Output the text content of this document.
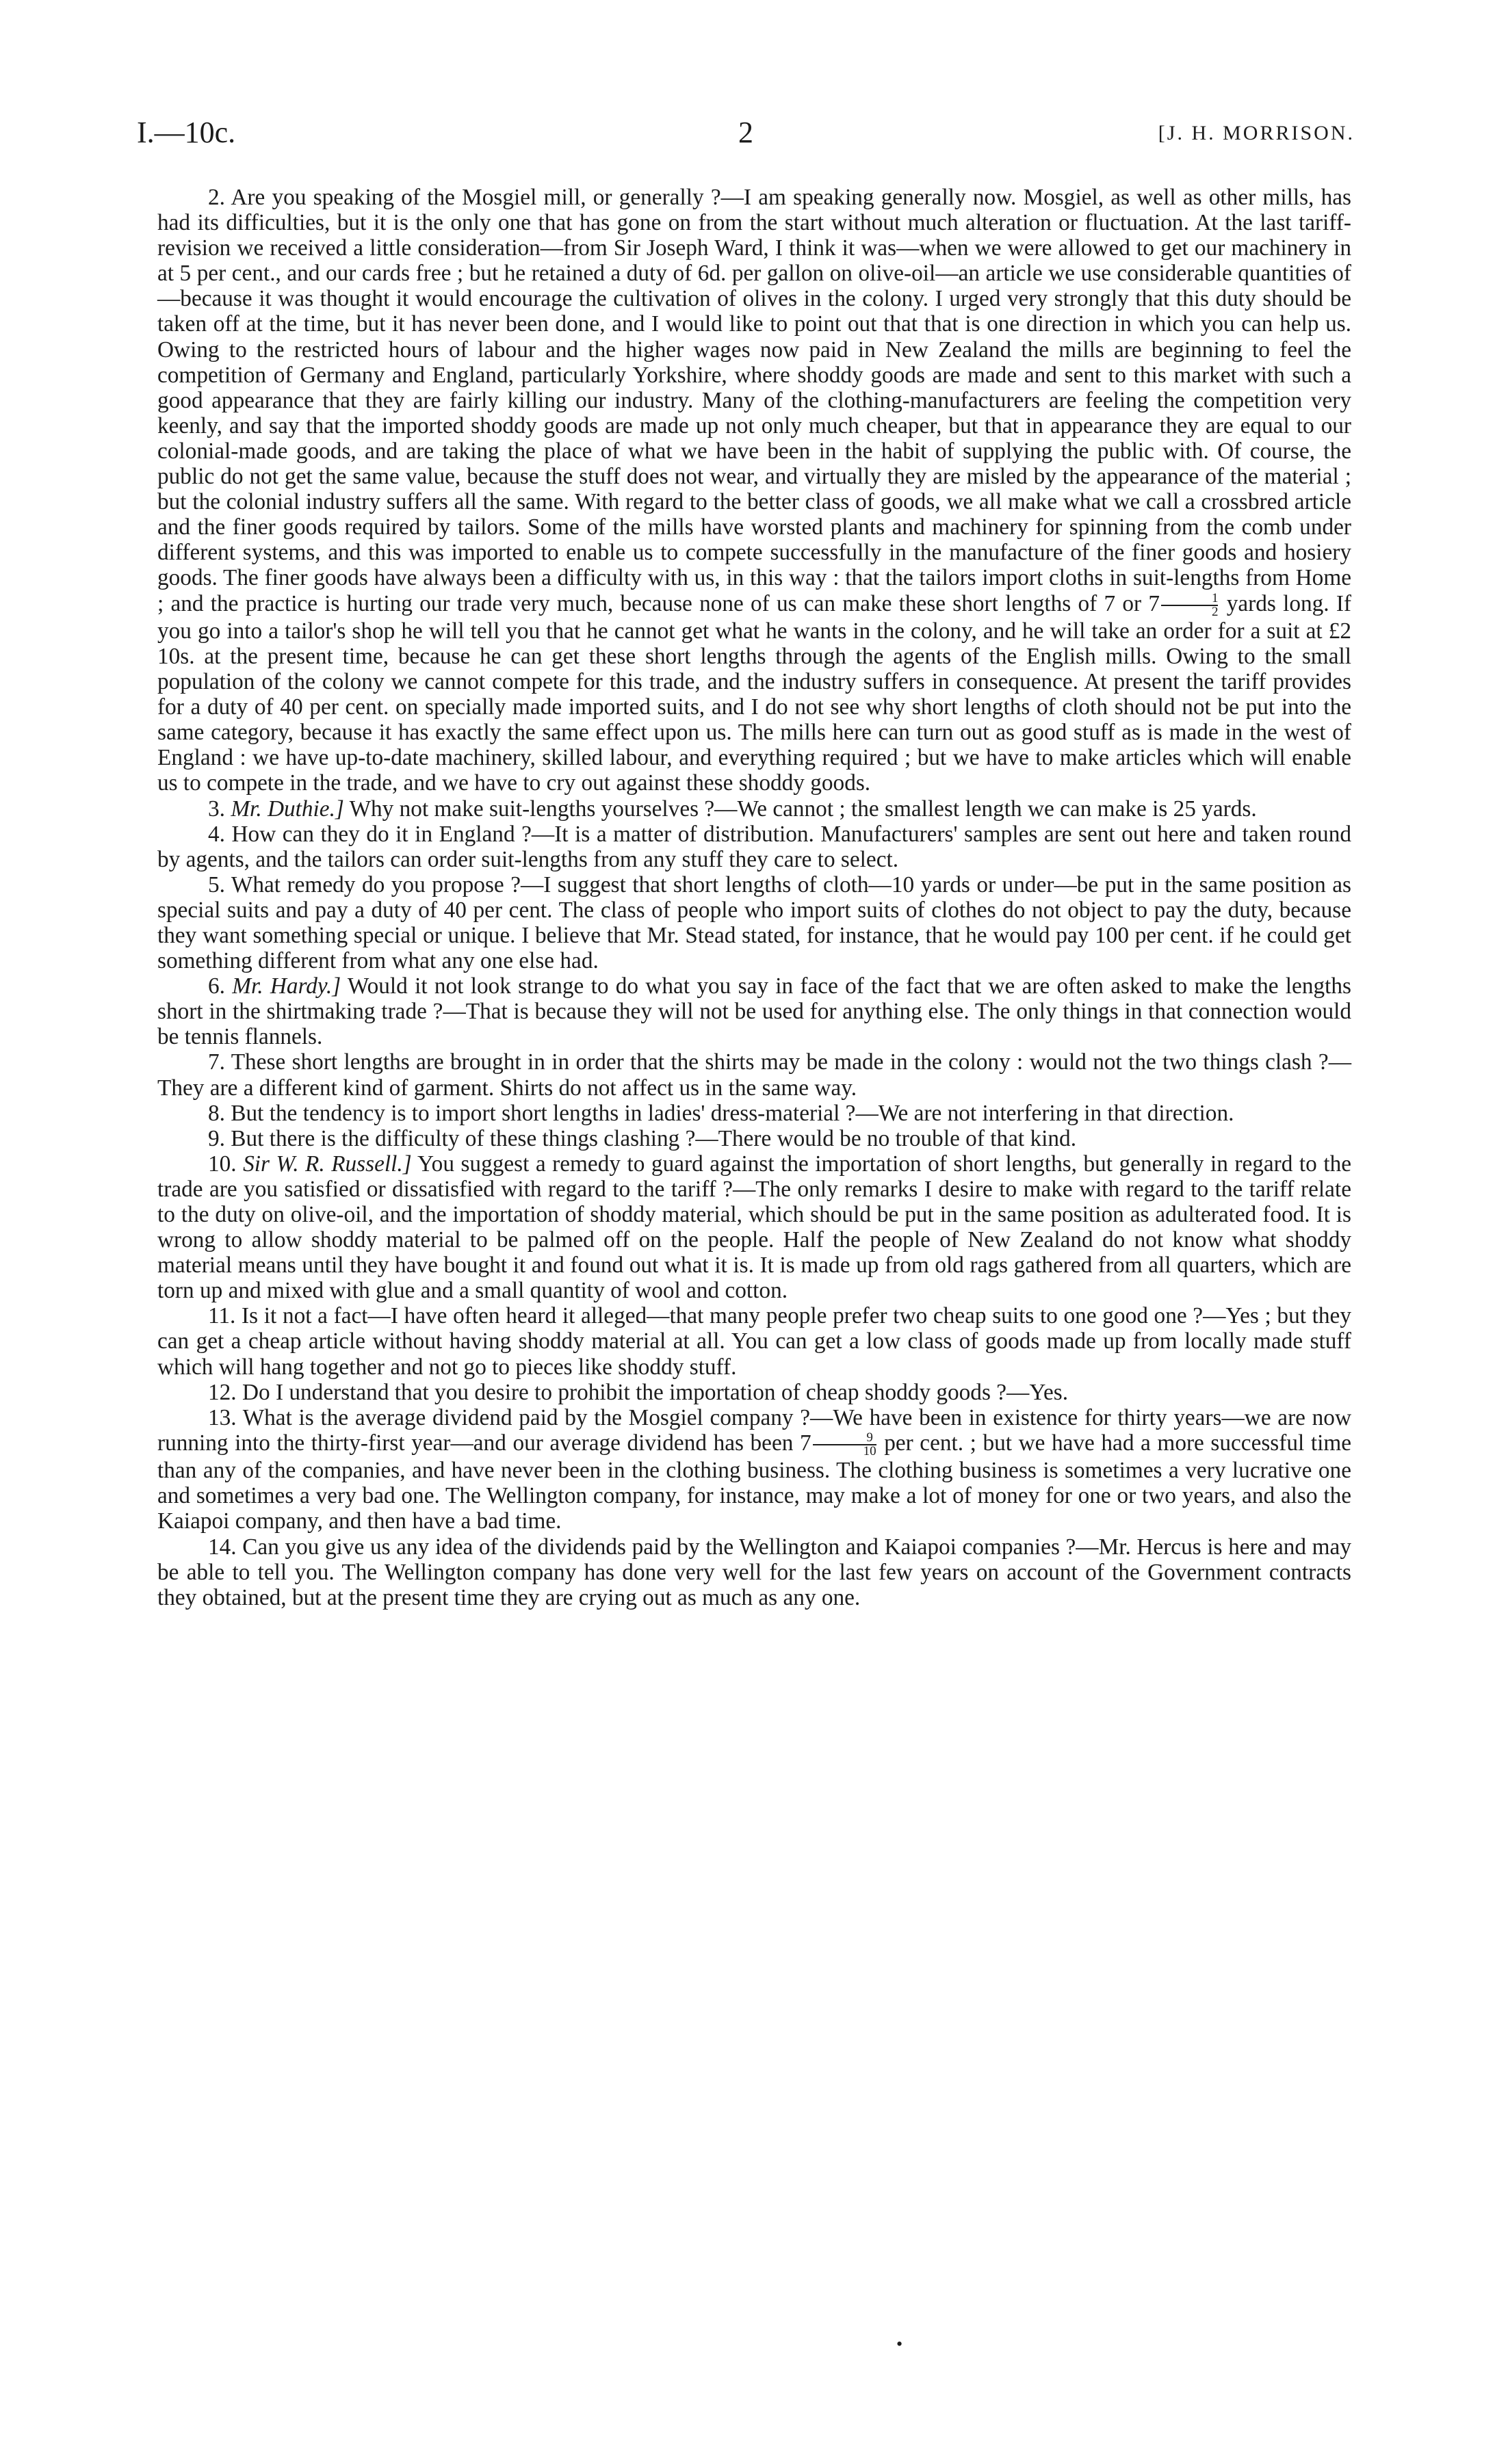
I.—10c.	2	[J. H. MORRISON.

2. Are you speaking of the Mosgiel mill, or generally ?—I am speaking generally now. Mosgiel, as well as other mills, has had its difficulties, but it is the only one that has gone on from the start without much alteration or fluctuation. At the last tariff-revision we received a little consideration—from Sir Joseph Ward, I think it was—when we were allowed to get our machinery in at 5 per cent., and our cards free ; but he retained a duty of 6d. per gallon on olive-oil—an article we use considerable quantities of—because it was thought it would encourage the cultivation of olives in the colony. I urged very strongly that this duty should be taken off at the time, but it has never been done, and I would like to point out that that is one direction in which you can help us. Owing to the restricted hours of labour and the higher wages now paid in New Zealand the mills are beginning to feel the competition of Germany and England, particularly Yorkshire, where shoddy goods are made and sent to this market with such a good appearance that they are fairly killing our industry. Many of the clothing-manufacturers are feeling the competition very keenly, and say that the imported shoddy goods are made up not only much cheaper, but that in appearance they are equal to our colonial-made goods, and are taking the place of what we have been in the habit of supplying the public with. Of course, the public do not get the same value, because the stuff does not wear, and virtually they are misled by the appearance of the material ; but the colonial industry suffers all the same. With regard to the better class of goods, we all make what we call a crossbred article and the finer goods required by tailors. Some of the mills have worsted plants and machinery for spinning from the comb under different systems, and this was imported to enable us to compete successfully in the manufacture of the finer goods and hosiery goods. The finer goods have always been a difficulty with us, in this way : that the tailors import cloths in suit-lengths from Home ; and the practice is hurting our trade very much, because none of us can make these short lengths of 7 or $7 \frac{1}{2}$ yards long. If you go into a tailor's shop he will tell you that he cannot get what he wants in the colony, and he will take an order for a suit at £2 10s. at the present time, because he can get these short lengths through the agents of the English mills. Owing to the small population of the colony we cannot compete for this trade, and the industry suffers in consequence. At present the tariff provides for a duty of 40 per cent. on specially made imported suits, and I do not see why short lengths of cloth should not be put into the same category, because it has exactly the same effect upon us. The mills here can turn out as good stuff as is made in the west of England : we have up-to-date machinery, skilled labour, and everything required ; but we have to make articles which will enable us to compete in the trade, and we have to cry out against these shoddy goods.

3. Mr. Duthie.] Why not make suit-lengths yourselves ?—We cannot ; the smallest length we can make is 25 yards.

4. How can they do it in England ?—It is a matter of distribution. Manufacturers' samples are sent out here and taken round by agents, and the tailors can order suit-lengths from any stuff they care to select.

5. What remedy do you propose ?—I suggest that short lengths of cloth—10 yards or under—be put in the same position as special suits and pay a duty of 40 per cent. The class of people who import suits of clothes do not object to pay the duty, because they want something special or unique. I believe that Mr. Stead stated, for instance, that he would pay 100 per cent. if he could get something different from what any one else had.

6. Mr. Hardy.] Would it not look strange to do what you say in face of the fact that we are often asked to make the lengths short in the shirtmaking trade ?—That is because they will not be used for anything else. The only things in that connection would be tennis flannels.

7. These short lengths are brought in in order that the shirts may be made in the colony : would not the two things clash ?—They are a different kind of garment. Shirts do not affect us in the same way.

8. But the tendency is to import short lengths in ladies' dress-material ?—We are not interfering in that direction.

9. But there is the difficulty of these things clashing ?—There would be no trouble of that kind.

10. Sir W. R. Russell.] You suggest a remedy to guard against the importation of short lengths, but generally in regard to the trade are you satisfied or dissatisfied with regard to the tariff ?—The only remarks I desire to make with regard to the tariff relate to the duty on olive-oil, and the importation of shoddy material, which should be put in the same position as adulterated food. It is wrong to allow shoddy material to be palmed off on the people. Half the people of New Zealand do not know what shoddy material means until they have bought it and found out what it is. It is made up from old rags gathered from all quarters, which are torn up and mixed with glue and a small quantity of wool and cotton.

11. Is it not a fact—I have often heard it alleged—that many people prefer two cheap suits to one good one ?—Yes ; but they can get a cheap article without having shoddy material at all. You can get a low class of goods made up from locally made stuff which will hang together and not go to pieces like shoddy stuff.

12. Do I understand that you desire to prohibit the importation of cheap shoddy goods ?—Yes.

13. What is the average dividend paid by the Mosgiel company ?—We have been in existence for thirty years—we are now running into the thirty-first year—and our average dividend has been $7 \frac{9}{10}$ per cent. ; but we have had a more successful time than any of the companies, and have never been in the clothing business. The clothing business is sometimes a very lucrative one and sometimes a very bad one. The Wellington company, for instance, may make a lot of money for one or two years, and also the Kaiapoi company, and then have a bad time.

14. Can you give us any idea of the dividends paid by the Wellington and Kaiapoi companies ?—Mr. Hercus is here and may be able to tell you. The Wellington company has done very well for the last few years on account of the Government contracts they obtained, but at the present time they are crying out as much as any one.

•
